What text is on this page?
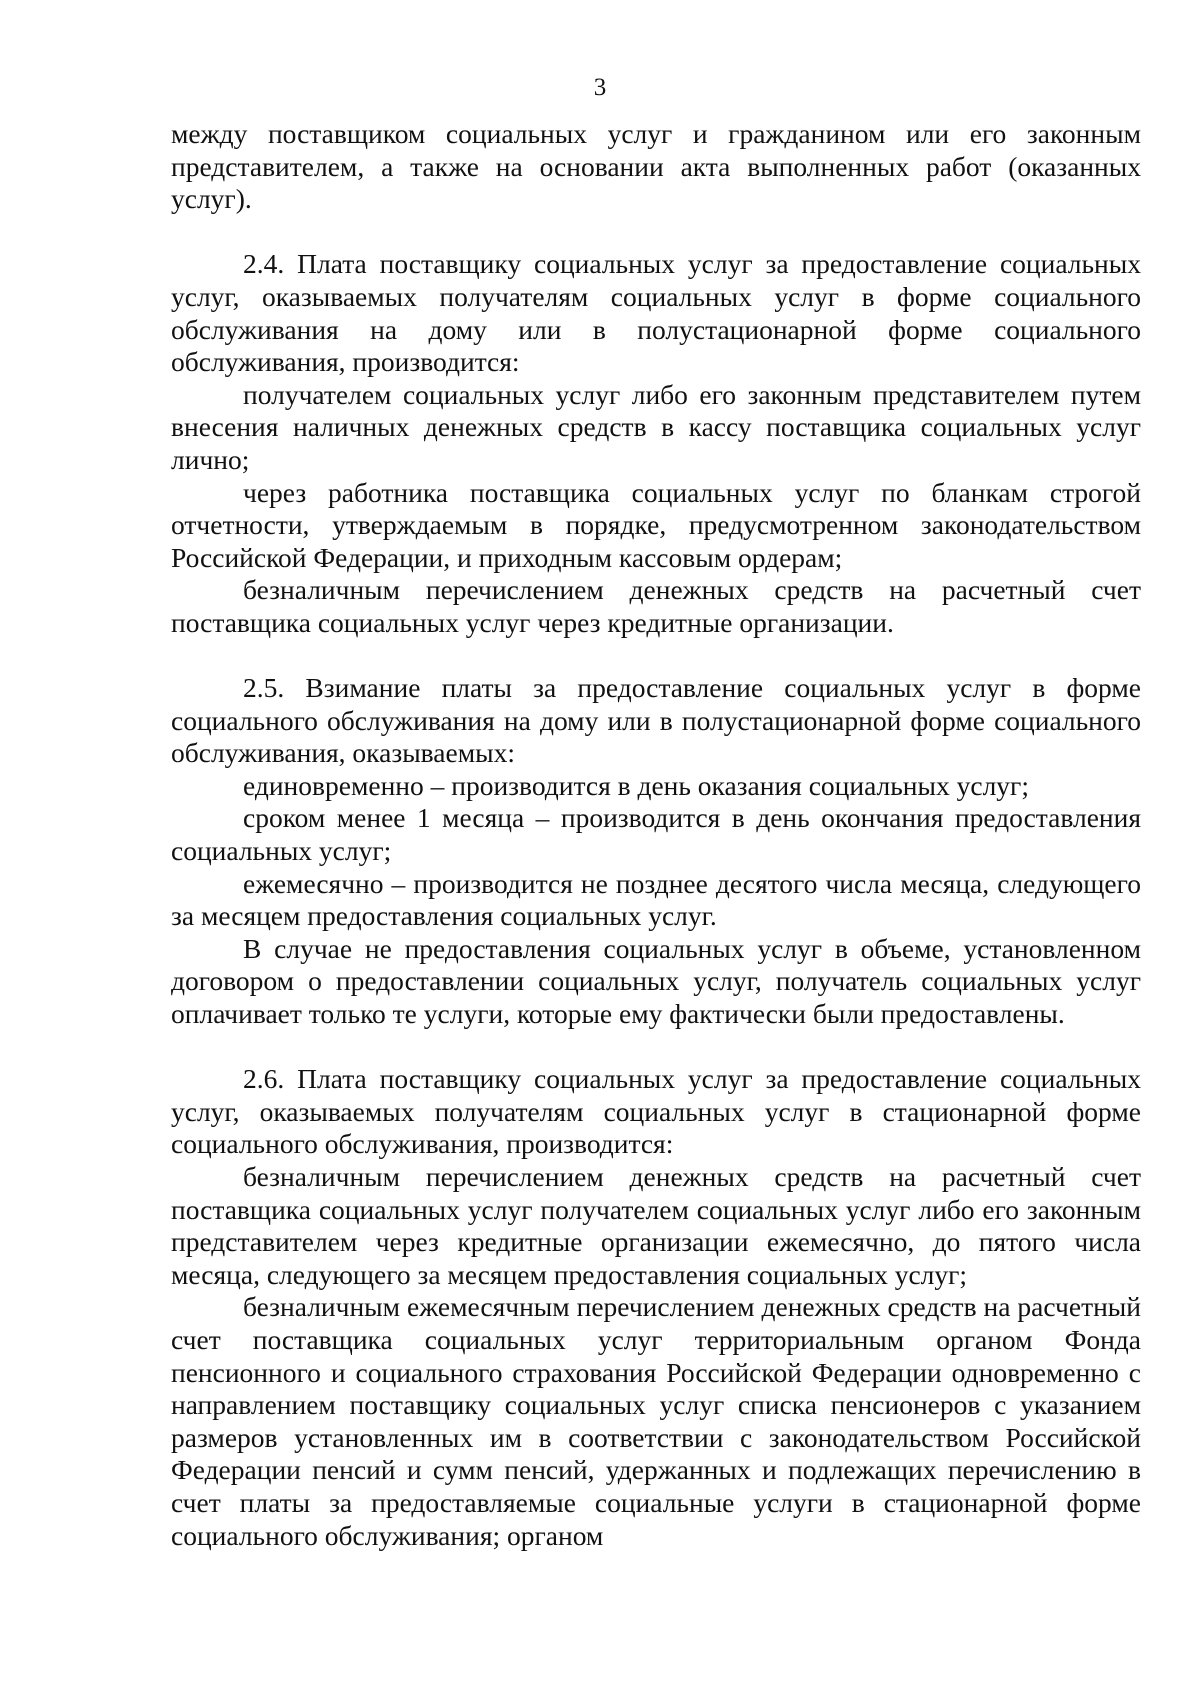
3

между поставщиком социальных услуг и гражданином или его законным представителем, а также на основании акта выполненных работ (оказанных услуг).

2.4. Плата поставщику социальных услуг за предоставление социальных услуг, оказываемых получателям социальных услуг в форме социального обслуживания на дому или в полустационарной форме социального обслуживания, производится:

получателем социальных услуг либо его законным представителем путем внесения наличных денежных средств в кассу поставщика социальных услуг лично;

через работника поставщика социальных услуг по бланкам строгой отчетности, утверждаемым в порядке, предусмотренном законодательством Российской Федерации, и приходным кассовым ордерам;

безналичным перечислением денежных средств на расчетный счет поставщика социальных услуг через кредитные организации.

2.5. Взимание платы за предоставление социальных услуг в форме социального обслуживания на дому или в полустационарной форме социального обслуживания, оказываемых:

единовременно – производится в день оказания социальных услуг;

сроком менее 1 месяца – производится в день окончания предоставления социальных услуг;

ежемесячно – производится не позднее десятого числа месяца, следующего за месяцем предоставления социальных услуг.

В случае не предоставления социальных услуг в объеме, установленном договором о предоставлении социальных услуг, получатель социальных услуг оплачивает только те услуги, которые ему фактически были предоставлены.

2.6. Плата поставщику социальных услуг за предоставление социальных услуг, оказываемых получателям социальных услуг в стационарной форме социального обслуживания, производится:

безналичным перечислением денежных средств на расчетный счет поставщика социальных услуг получателем социальных услуг либо его законным представителем через кредитные организации ежемесячно, до пятого числа месяца, следующего за месяцем предоставления социальных услуг;

безналичным ежемесячным перечислением денежных средств на расчетный счет поставщика социальных услуг территориальным органом Фонда пенсионного и социального страхования Российской Федерации одновременно с направлением поставщику социальных услуг списка пенсионеров с указанием размеров установленных им в соответствии с законодательством Российской Федерации пенсий и сумм пенсий, удержанных и подлежащих перечислению в счет платы за предоставляемые социальные услуги в стационарной форме социального обслуживания; органом
